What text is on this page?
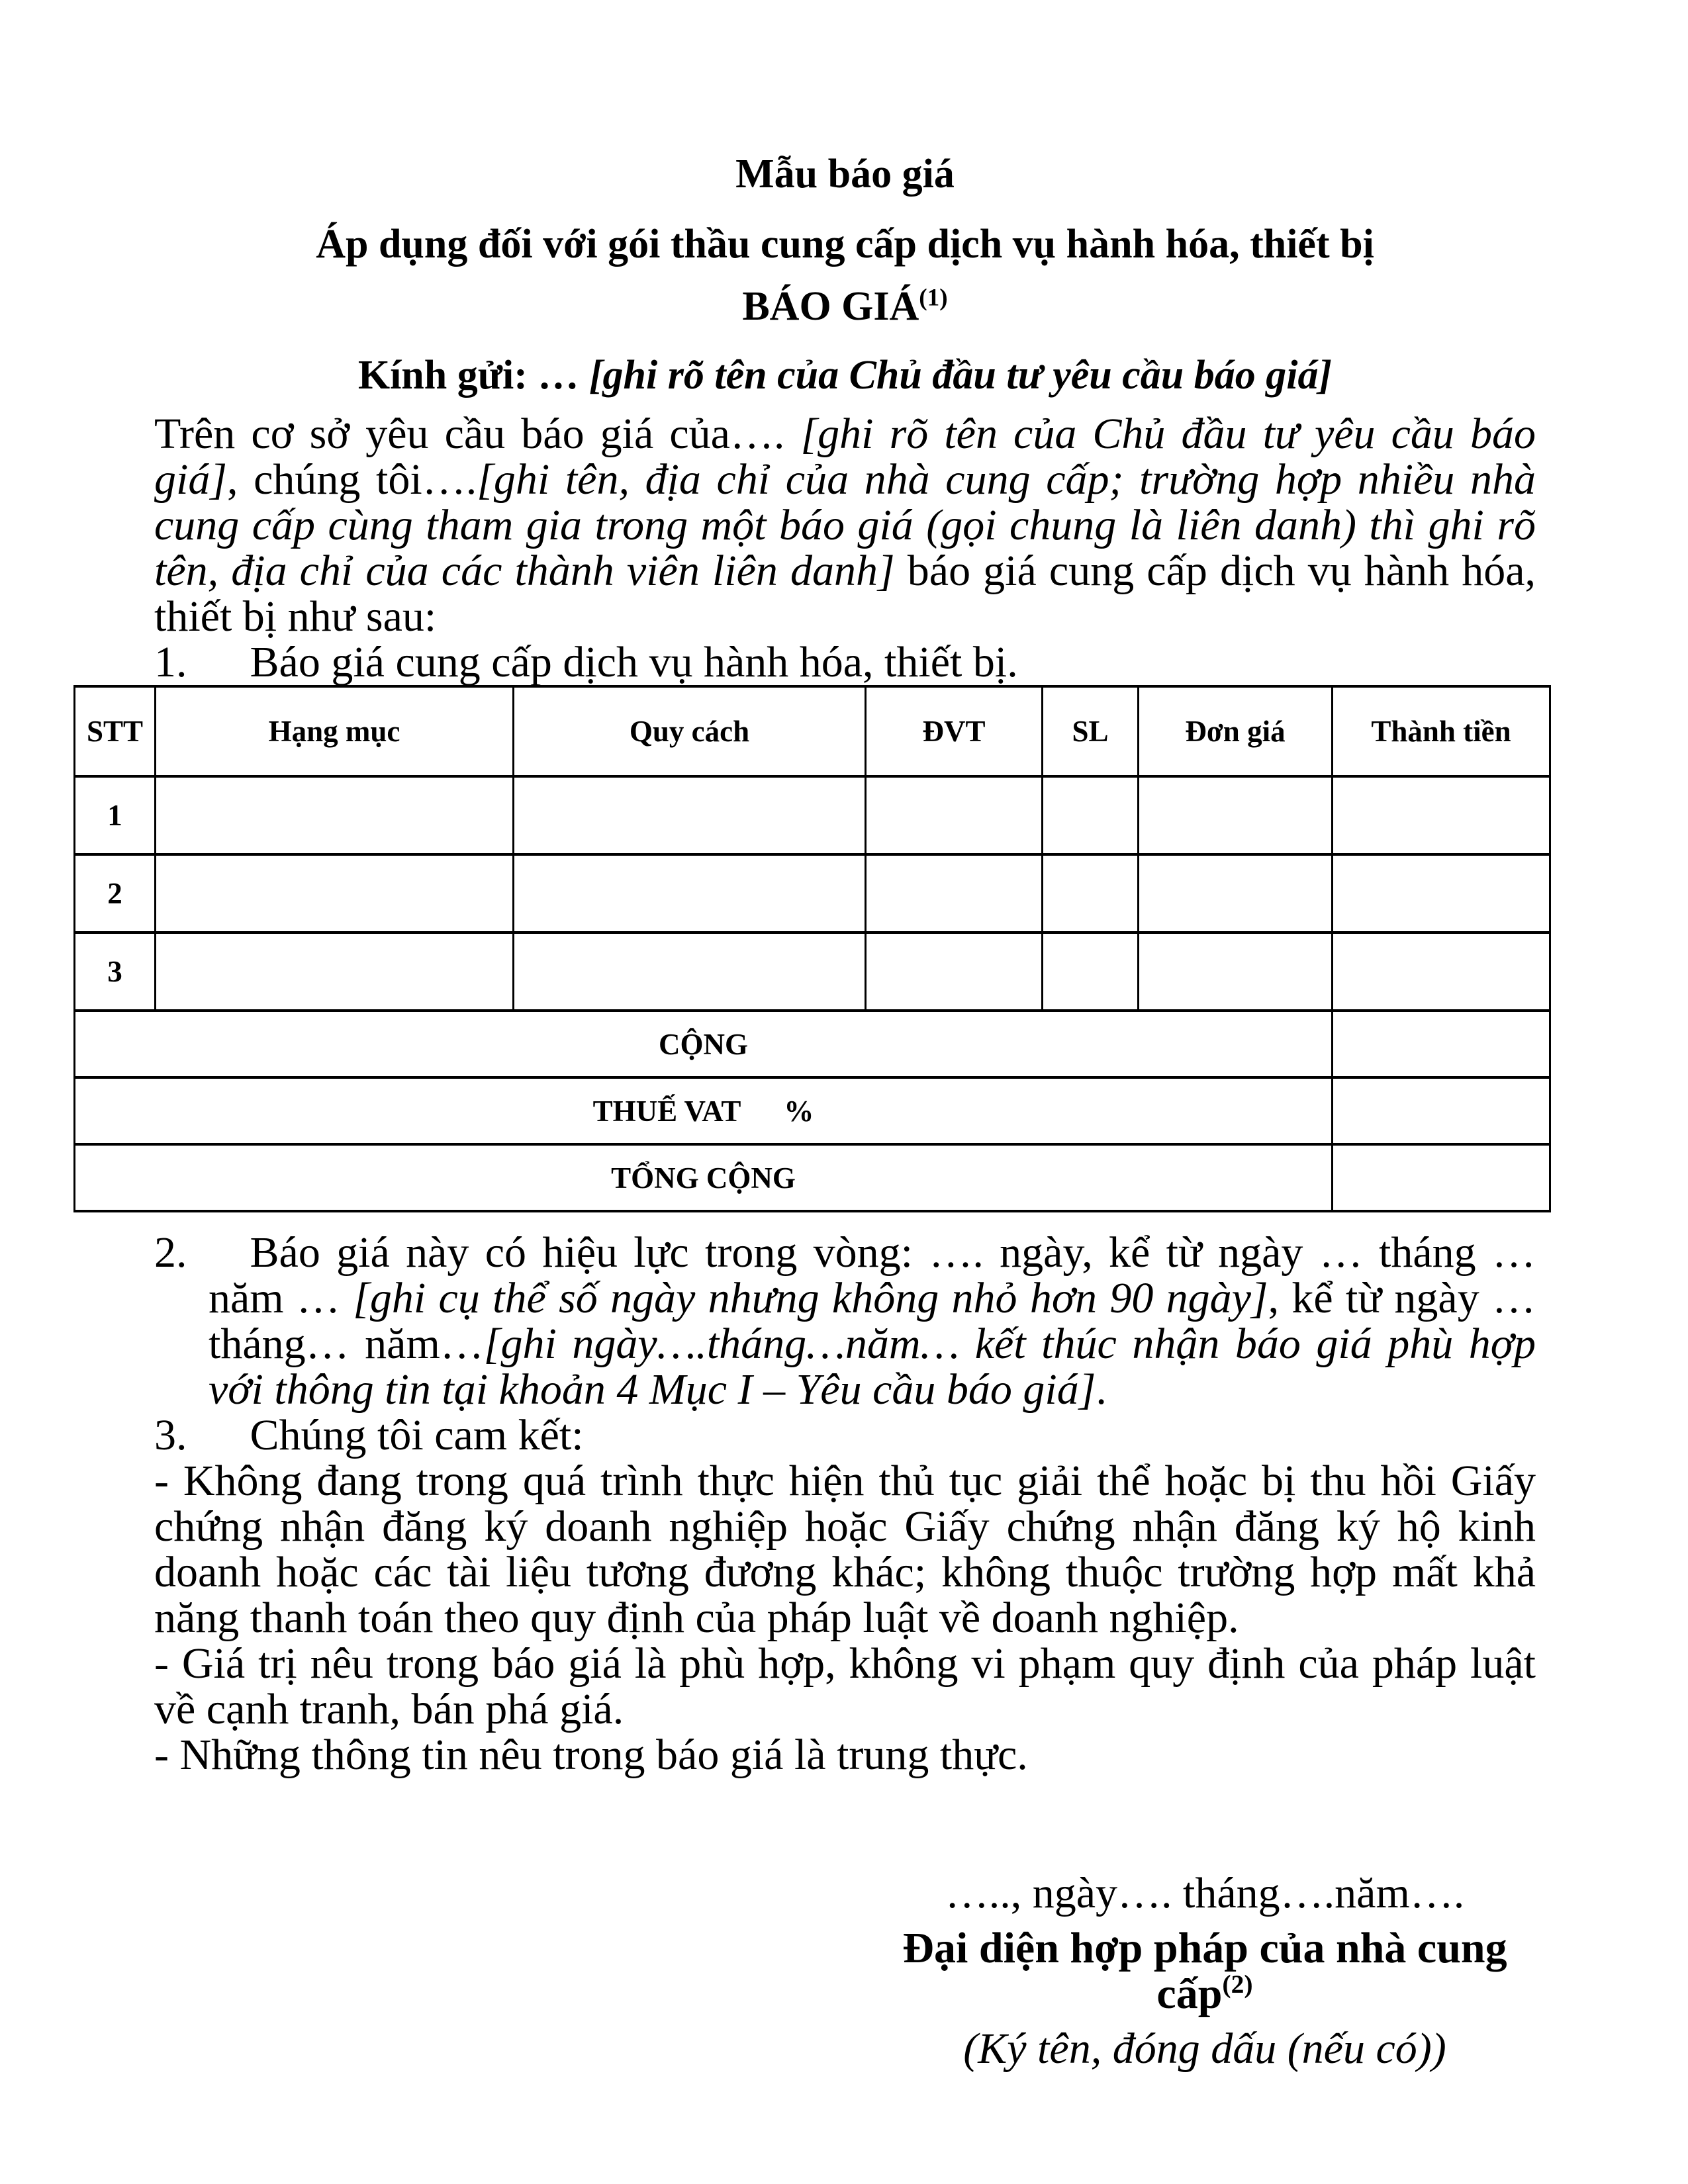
Mẫu báo giá
Áp dụng đối với gói thầu cung cấp dịch vụ hành hóa, thiết bị
BÁO GIÁ$^{(1)}$
Kính gửi: … [ghi rõ tên của Chủ đầu tư yêu cầu báo giá]

Trên cơ sở yêu cầu báo giá của…. [ghi rõ tên của Chủ đầu tư yêu cầu báo giá], chúng tôi….[ghi tên, địa chỉ của nhà cung cấp; trường hợp nhiều nhà cung cấp cùng tham gia trong một báo giá (gọi chung là liên danh) thì ghi rõ tên, địa chỉ của các thành viên liên danh] báo giá cung cấp dịch vụ hành hóa, thiết bị như sau:

1. Báo giá cung cấp dịch vụ hành hóa, thiết bị.

STT	Hạng mục	Quy cách	ĐVT	SL	Đơn giá	Thành tiền
1						
2						
3						
CỘNG						
THUẾ VAT %						
TỔNG CỘNG						

2. Báo giá này có hiệu lực trong vòng: …. ngày, kể từ ngày … tháng … năm … [ghi cụ thể số ngày nhưng không nhỏ hơn 90 ngày], kể từ ngày … tháng… năm…[ghi ngày….tháng…năm… kết thúc nhận báo giá phù hợp với thông tin tại khoản 4 Mục I – Yêu cầu báo giá].

3. Chúng tôi cam kết:

- Không đang trong quá trình thực hiện thủ tục giải thể hoặc bị thu hồi Giấy chứng nhận đăng ký doanh nghiệp hoặc Giấy chứng nhận đăng ký hộ kinh doanh hoặc các tài liệu tương đương khác; không thuộc trường hợp mất khả năng thanh toán theo quy định của pháp luật về doanh nghiệp.

- Giá trị nêu trong báo giá là phù hợp, không vi phạm quy định của pháp luật về cạnh tranh, bán phá giá.

- Những thông tin nêu trong báo giá là trung thực.

….., ngày…. tháng….năm….
Đại diện hợp pháp của nhà cung cấp$^{(2)}$
(Ký tên, đóng dấu (nếu có))
